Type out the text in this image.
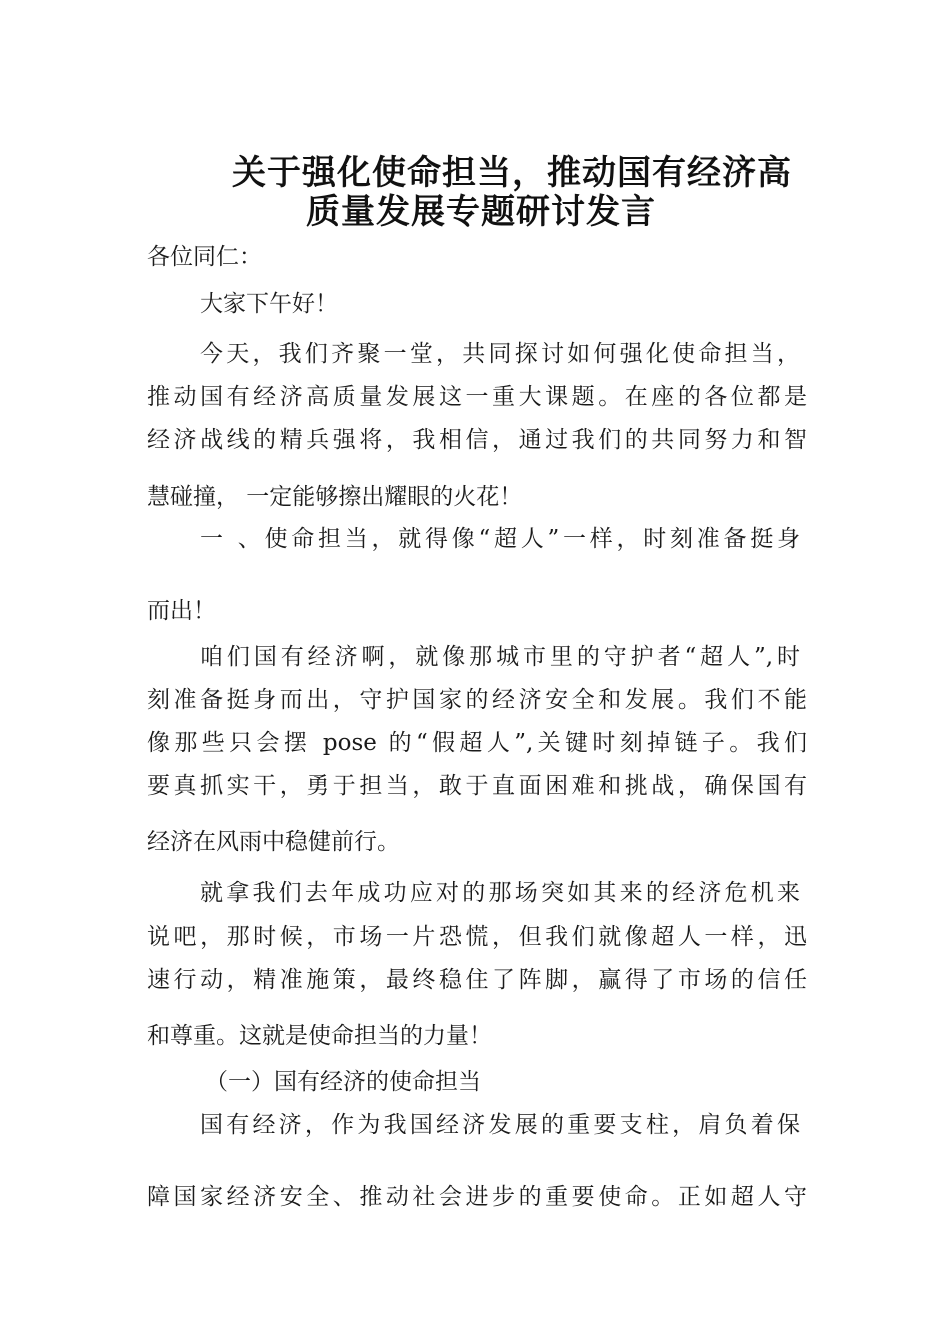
关于强化使命担当，推动国有经济高
质量发展专题研讨发言
各位同仁：
大家下午好！
今天，我们齐聚一堂，共同探讨如何强化使命担当，
推动国有经济高质量发展这一重大课题。在座的各位都是
经济战线的精兵强将，我相信，通过我们的共同努力和智
慧碰撞， 一定能够擦出耀眼的火花！
一 、使命担当，就得像“超人”一样，时刻准备挺身
而出！
咱们国有经济啊，就像那城市里的守护者“超人”,时
刻准备挺身而出，守护国家的经济安全和发展。我们不能
像那些只会摆 pose 的“假超人”,关键时刻掉链子。我们
要真抓实干，勇于担当，敢于直面困难和挑战，确保国有
经济在风雨中稳健前行。
就拿我们去年成功应对的那场突如其来的经济危机来
说吧，那时候，市场一片恐慌，但我们就像超人一样，迅
速行动，精准施策，最终稳住了阵脚，赢得了市场的信任
和尊重。这就是使命担当的力量！
（一）国有经济的使命担当
国有经济，作为我国经济发展的重要支柱，肩负着保
障国家经济安全、推动社会进步的重要使命。正如超人守
